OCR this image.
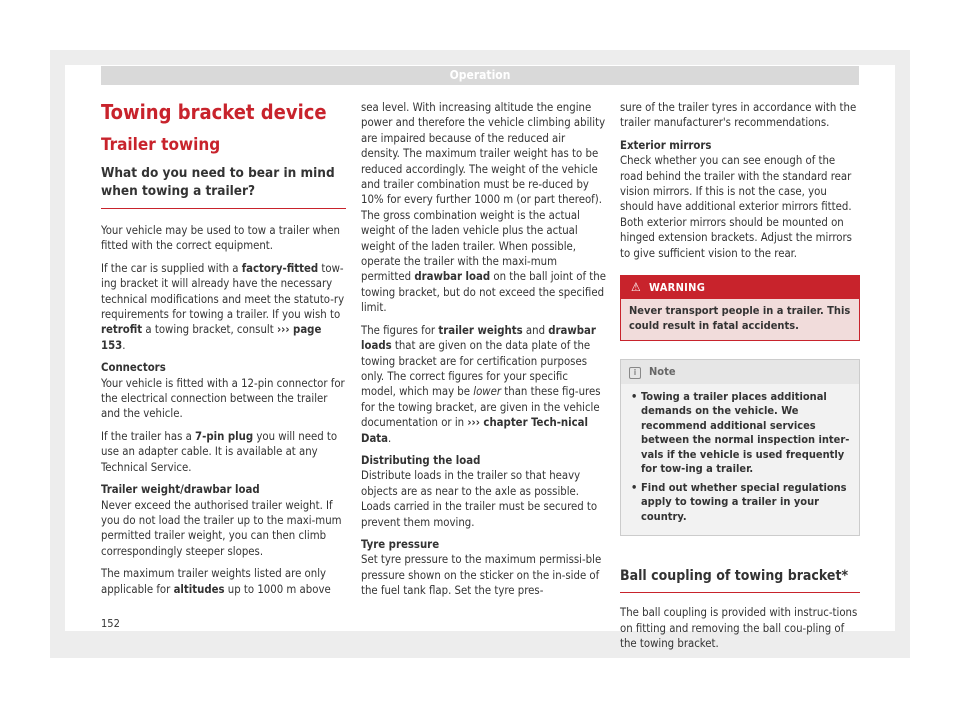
Operation
Towing bracket device
Trailer towing
What do you need to bear in mind when towing a trailer?

Your vehicle may be used to tow a trailer when fitted with the correct equipment.

If the car is supplied with a factory-fitted tow-ing bracket it will already have the necessary technical modifications and meet the statuto-ry requirements for towing a trailer. If you wish to retrofit a towing bracket, consult ››› page 153.

Connectors
Your vehicle is fitted with a 12-pin connector for the electrical connection between the trailer and the vehicle.

If the trailer has a 7-pin plug you will need to use an adapter cable. It is available at any Technical Service.

Trailer weight/drawbar load
Never exceed the authorised trailer weight. If you do not load the trailer up to the maxi-mum permitted trailer weight, you can then climb correspondingly steeper slopes.

The maximum trailer weights listed are only applicable for altitudes up to 1000 m above

sea level. With increasing altitude the engine power and therefore the vehicle climbing ability are impaired because of the reduced air density. The maximum trailer weight has to be reduced accordingly. The weight of the vehicle and trailer combination must be re-duced by 10% for every further 1000 m (or part thereof). The gross combination weight is the actual weight of the laden vehicle plus the actual weight of the laden trailer. When possible, operate the trailer with the maxi-mum permitted drawbar load on the ball joint of the towing bracket, but do not exceed the specified limit.

The figures for trailer weights and drawbar loads that are given on the data plate of the towing bracket are for certification purposes only. The correct figures for your specific model, which may be lower than these fig-ures for the towing bracket, are given in the vehicle documentation or in ››› chapter Tech-nical Data.

Distributing the load
Distribute loads in the trailer so that heavy objects are as near to the axle as possible. Loads carried in the trailer must be secured to prevent them moving.

Tyre pressure
Set tyre pressure to the maximum permissi-ble pressure shown on the sticker on the in-side of the fuel tank flap. Set the tyre pres-

sure of the trailer tyres in accordance with the trailer manufacturer's recommendations.

Exterior mirrors
Check whether you can see enough of the road behind the trailer with the standard rear vision mirrors. If this is not the case, you should have additional exterior mirrors fitted. Both exterior mirrors should be mounted on hinged extension brackets. Adjust the mirrors to give sufficient vision to the rear.

⚠ WARNING
Never transport people in a trailer. This could result in fatal accidents.
i Note
• Towing a trailer places additional demands on the vehicle. We recommend additional services between the normal inspection inter-vals if the vehicle is used frequently for tow-ing a trailer.
• Find out whether special regulations apply to towing a trailer in your country.
Ball coupling of towing bracket*

The ball coupling is provided with instruc-tions on fitting and removing the ball cou-pling of the towing bracket.

152
